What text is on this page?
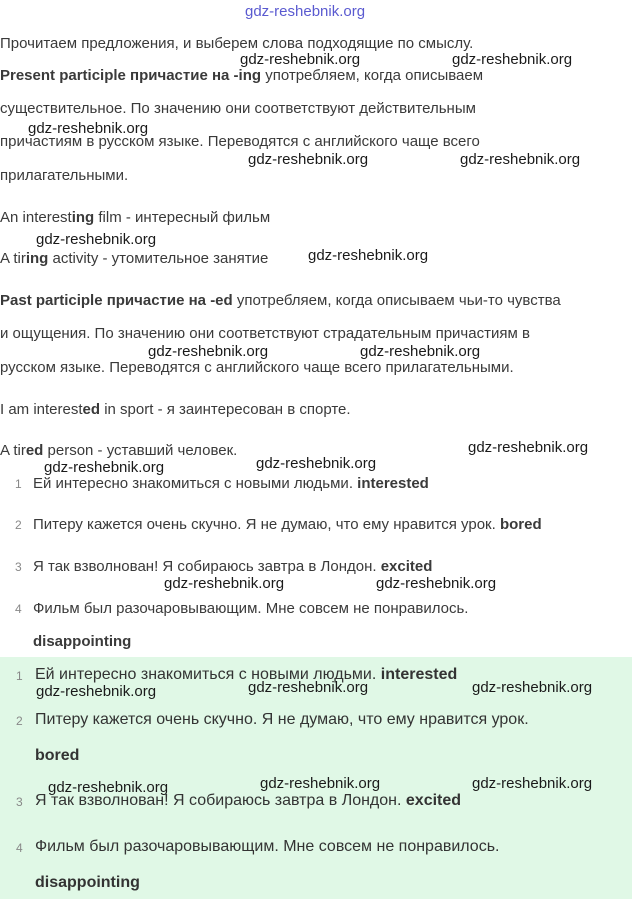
gdz-reshebnik.org
Прочитаем предложения, и выберем слова подходящие по смыслу.
Present participle причастие на -ing употребляем, когда описываем
существительное. По значению они соответствуют действительным
причастиям в русском языке. Переводятся с английского чаще всего
прилагательными.
An interesting film - интересный фильм
A tiring activity - утомительное занятие
Past participle причастие на -ed употребляем, когда описываем чьи-то чувства
и ощущения. По значению они соответствуют страдательным причастиям в
русском языке. Переводятся с английского чаще всего прилагательными.
I am interested in sport - я заинтересован в спорте.
A tired person - уставший человек.
1 Ей интересно знакомиться с новыми людьми. interested
2 Питеру кажется очень скучно. Я не думаю, что ему нравится урок. bored
3 Я так взволнован! Я собираюсь завтра в Лондон. excited
4 Фильм был разочаровывающим. Мне совсем не понравилось.
disappointing
1 Ей интересно знакомиться с новыми людьми. interested
2 Питеру кажется очень скучно. Я не думаю, что ему нравится урок.
bored
3 Я так взволнован! Я собираюсь завтра в Лондон. excited
4 Фильм был разочаровывающим. Мне совсем не понравилось.
disappointing
gdz-reshebnik.org	gdz-reshebnik.org
gdz-reshebnik.org
gdz-reshebnik.org	gdz-reshebnik.org
gdz-reshebnik.org
gdz-reshebnik.org
gdz-reshebnik.org	gdz-reshebnik.org
gdz-reshebnik.org
gdz-reshebnik.org
gdz-reshebnik.org
gdz-reshebnik.org	gdz-reshebnik.org
gdz-reshebnik.org	gdz-reshebnik.org	gdz-reshebnik.org
gdz-reshebnik.org	gdz-reshebnik.org	gdz-reshebnik.org
